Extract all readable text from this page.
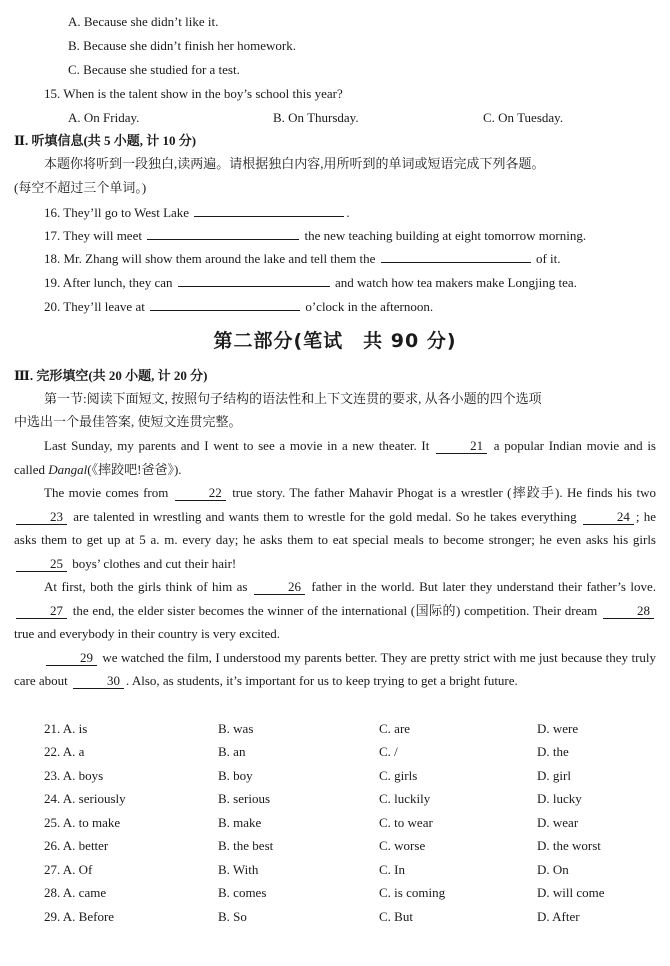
A. Because she didn’t like it.
B. Because she didn’t finish her homework.
C. Because she studied for a test.
15. When is the talent show in the boy’s school this year?
A. On Friday.	B. On Thursday.	C. On Tuesday.
Ⅱ. 听填信息(共 5 小题, 计 10 分)
本题你将听到一段独白,读两遍。请根据独白内容,用所听到的单词或短语完成下列各题。
(每空不超过三个单词。)
16. They’ll go to West Lake	.
17. They will meet	the new teaching building at eight tomorrow morning.
18. Mr. Zhang will show them around the lake and tell them the	of it.
19. After lunch, they can	and watch how tea makers make Longjing tea.
20. They’ll leave at	o’clock in the afternoon.
第二部分(笔试　共 90 分)
Ⅲ. 完形填空(共 20 小题, 计 20 分)
第一节:阅读下面短文, 按照句子结构的语法性和上下文连贯的要求, 从各小题的四个选项
中选出一个最佳答案, 使短文连贯完整。

Last Sunday, my parents and I went to see a movie in a new theater. It	21 a popular Indian movie and is called Dangal(《摔跤吧!爸爸》).

The movie comes from	22 true story. The father Mahavir Phogat is a wrestler (摔跤手). He finds his two 23 are talented in wrestling and wants them to wrestle for the gold medal. So he takes everything	24 ; he asks them to get up at 5 a. m. every day; he asks them to eat special meals to become stronger; he even asks his girls 25 boys’ clothes and cut their hair!

At first, both the girls think of him as	26 father in the world. But later they understand their father’s love. 27 the end, the elder sister becomes the winner of the international (国际的) competition. Their dream	28 true and everybody in their country is very excited.

29 we watched the film, I understood my parents better. They are pretty strict with me just because they truly care about	30 . Also, as students, it’s important for us to keep trying to get a bright future.

21. A. is	B. was	C. are	D. were
22. A. a	B. an	C. /	D. the
23. A. boys	B. boy	C. girls	D. girl
24. A. seriously	B. serious	C. luckily	D. lucky
25. A. to make	B. make	C. to wear	D. wear
26. A. better	B. the best	C. worse	D. the worst
27. A. Of	B. With	C. In	D. On
28. A. came	B. comes	C. is coming	D. will come
29. A. Before	B. So	C. But	D. After
